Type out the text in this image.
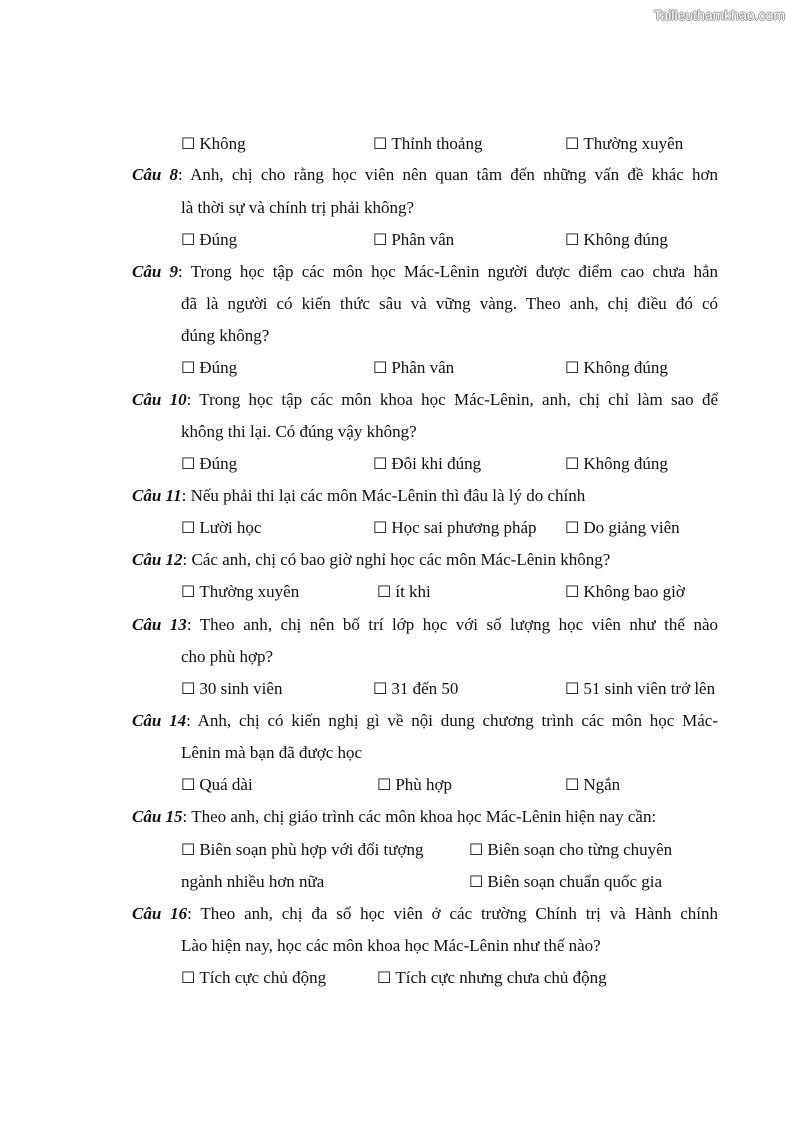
Tailieuthamkhao.com
☐ Không	☐ Thỉnh thoảng	☐ Thường xuyên
Câu 8: Anh, chị cho rằng học viên nên quan tâm đến những vấn đề khác hơn
là thời sự và chính trị phải không?
☐ Đúng	☐ Phân vân	☐ Không đúng
Câu 9: Trong học tập các môn học Mác-Lênin người được điểm cao chưa hẳn
đã là người có kiến thức sâu và vững vàng. Theo anh, chị điều đó có
đúng không?
☐ Đúng	☐ Phân vân	☐ Không đúng
Câu 10: Trong học tập các môn khoa học Mác-Lênin, anh, chị chỉ làm sao để
không thi lại. Có đúng vậy không?
☐ Đúng	☐ Đôi khi đúng	☐ Không đúng
Câu 11: Nếu phải thi lại các môn Mác-Lênin thì đâu là lý do chính
☐ Lười học	☐ Học sai phương pháp ☐ Do giảng viên
Câu 12: Các anh, chị có bao giờ nghỉ học các môn Mác-Lênin không?
☐ Thường xuyên	☐ ít khi	☐ Không bao giờ
Câu 13: Theo anh, chị nên bố trí lớp học với số lượng học viên như thế nào
cho phù hợp?
☐ 30 sinh viên	☐ 31 đến 50	☐ 51 sinh viên trở lên
Câu 14: Anh, chị có kiến nghị gì về nội dung chương trình các môn học Mác-
Lênin mà bạn đã được học
☐ Quá dài	☐ Phù hợp	☐ Ngắn
Câu 15: Theo anh, chị giáo trình các môn khoa học Mác-Lênin hiện nay cần:
☐ Biên soạn phù hợp với đối tượng	☐ Biên soạn cho từng chuyên
ngành nhiều hơn nữa	☐ Biên soạn chuẩn quốc gia
Câu 16: Theo anh, chị đa số học viên ở các trường Chính trị và Hành chính
Lào hiện nay, học các môn khoa học Mác-Lênin như thế nào?
☐ Tích cực chủ động	☐ Tích cực nhưng chưa chủ động
